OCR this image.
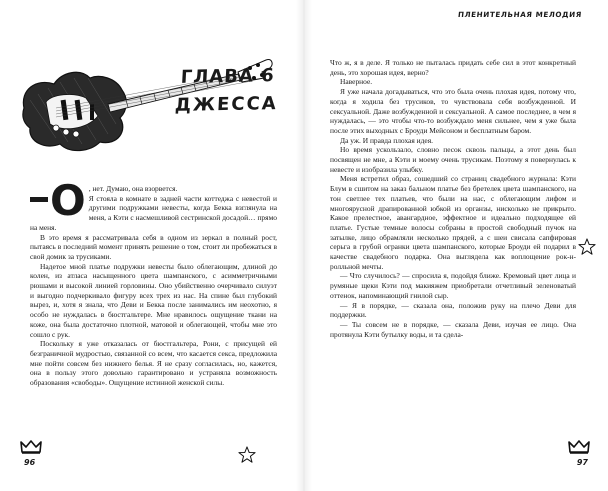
ГЛАВА 6
ДЖЕССА

О , нет. Думаю, она взорвется.

Я стояла в комнате в задней части коттеджа с невестой и другими подружками невесты, когда Бекка взглянула на меня, а Кэти с насмешливой сестринской досадой… прямо на меня.

В это время я рассматривала себя в одном из зеркал в полный рост, пытаясь в последний момент принять решение о том, стоит ли пробежаться в свой домик за трусиками.

Надетое мной платье подружки невесты было облегающим, длиной до колен, из атласа насыщенного цвета шампанского, с асимметричными рюшами и высокой линией горловины. Оно убийственно очерчивало силуэт и выгодно подчеркивало фигуру всех трех из нас. На спине был глубокий вырез, и, хотя я знала, что Деви и Бекка после занимались им неохотно, я особо не нуждалась в бюстгальтере. Мне нравилось ощущение ткани на коже, она была достаточно плотной, матовой и облегающей, чтобы мне это сошло с рук.

Поскольку я уже отказалась от бюстгальтера, Рони, с присущей ей безграничной мудростью, связанной со всем, что касается секса, предложила мне пойти совсем без нижнего белья. Я не сразу согласилась, но, кажется, она в пользу этого довольно гарантировано и устраняла возможность образования «свободы». Ощущение истинной женской силы.

96
ПЛЕНИТЕЛЬНАЯ МЕЛОДИЯ

Что ж, я в деле. Я только не пыталась придать себе сил в этот конкретный день, это хорошая идея, верно?

Наверное.

Я уже начала догадываться, что это была очень плохая идея, потому что, когда я ходила без трусиков, то чувствовала себя возбужденной. И сексуальной. Даже возбужденной и сексуальной. А самое последнее, в чем я нуждалась, — это чтобы что-то возбуждало меня сильнее, чем я уже была после этих выходных с Броуди Мейсоном и бесплатным баром.

Да уж. И правда плохая идея.

Но время ускользало, словно песок сквозь пальцы, а этот день был посвящен не мне, а Кэти и моему очень трусикам. Поэтому я повернулась к невесте и изобразила улыбку.

Меня встретил образ, сошедший со страниц свадебного журнала: Кэти Блум в сшитом на заказ бальном платье без бретелек цвета шампанского, на тон светлее тех платьев, что были на нас, с облегающим лифом и многоярусной драпированной юбкой из органзы, нисколько не прикрыто. Какое прелестное, авангардное, эффектное и идеально подходящее ей платье. Густые темные волосы собраны в простой свободный пучок на затылке, лицо обрамляли несколько прядей, а с шеи свисала сапфировая серьга в грубой огранки цвета шампанского, которые Броуди ей подарил в качестве свадебного подарка. Она выглядела как воплощение рок-н-ролльной мечты.

— Что случилось? — спросила я, подойдя ближе. Кремовый цвет лица и румяные щеки Кэти под макияжем приобретали отчетливый зеленоватый оттенок, напоминающий гнилой сыр.

— Я в порядке, — сказала она, положив руку на плечо Деви для поддержки.

— Ты совсем не в порядке, — сказала Деви, изучая ее лицо. Она протянула Кэти бутылку воды, и та сдела-

97
